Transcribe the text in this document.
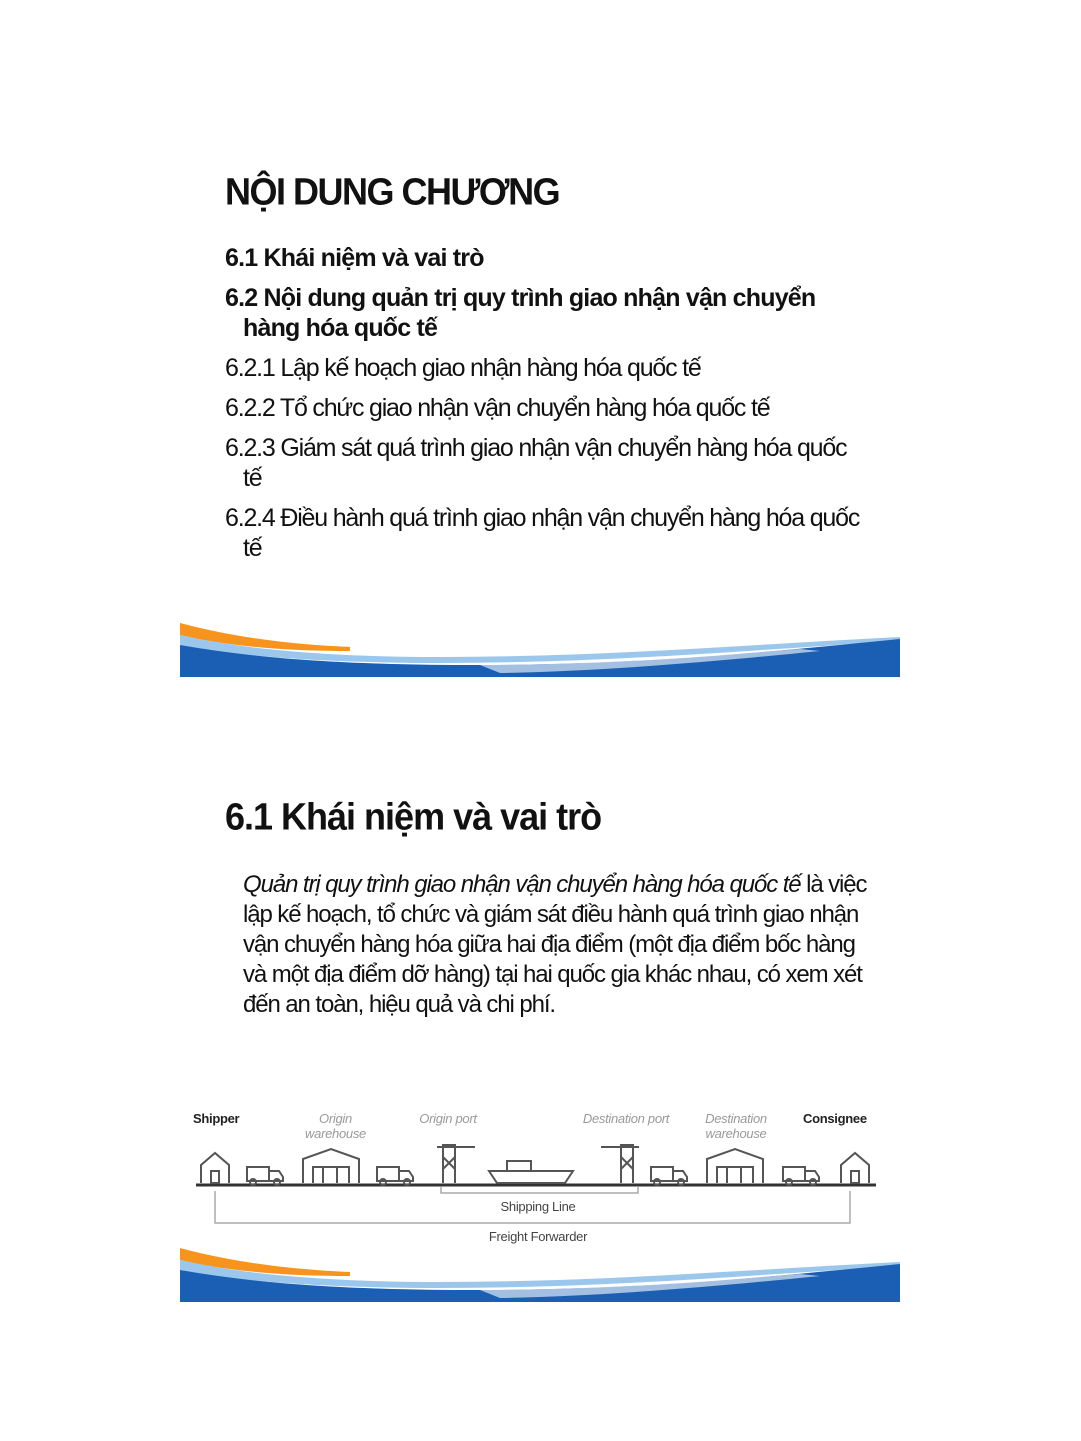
NỘI DUNG CHƯƠNG
6.1 Khái niệm và vai trò
6.2 Nội dung quản trị quy trình giao nhận vận chuyển hàng hóa quốc tế
6.2.1 Lập kế hoạch giao nhận hàng hóa quốc tế
6.2.2 Tổ chức giao nhận vận chuyển hàng hóa quốc tế
6.2.3 Giám sát quá trình giao nhận vận chuyển hàng hóa quốc tế
6.2.4 Điều hành quá trình giao nhận vận chuyển hàng hóa quốc tế
6.1 Khái niệm và vai trò
Quản trị quy trình giao nhận vận chuyển hàng hóa quốc tế là việc lập kế hoạch, tổ chức và giám sát điều hành quá trình giao nhận vận chuyển hàng hóa giữa hai địa điểm (một địa điểm bốc hàng và một địa điểm dỡ hàng) tại hai quốc gia khác nhau, có xem xét đến an toàn, hiệu quả và chi phí.
Shipper	Origin warehouse
Origin port	Destination port	Destination warehouse
Consignee
Shipping Line
Freight Forwarder
